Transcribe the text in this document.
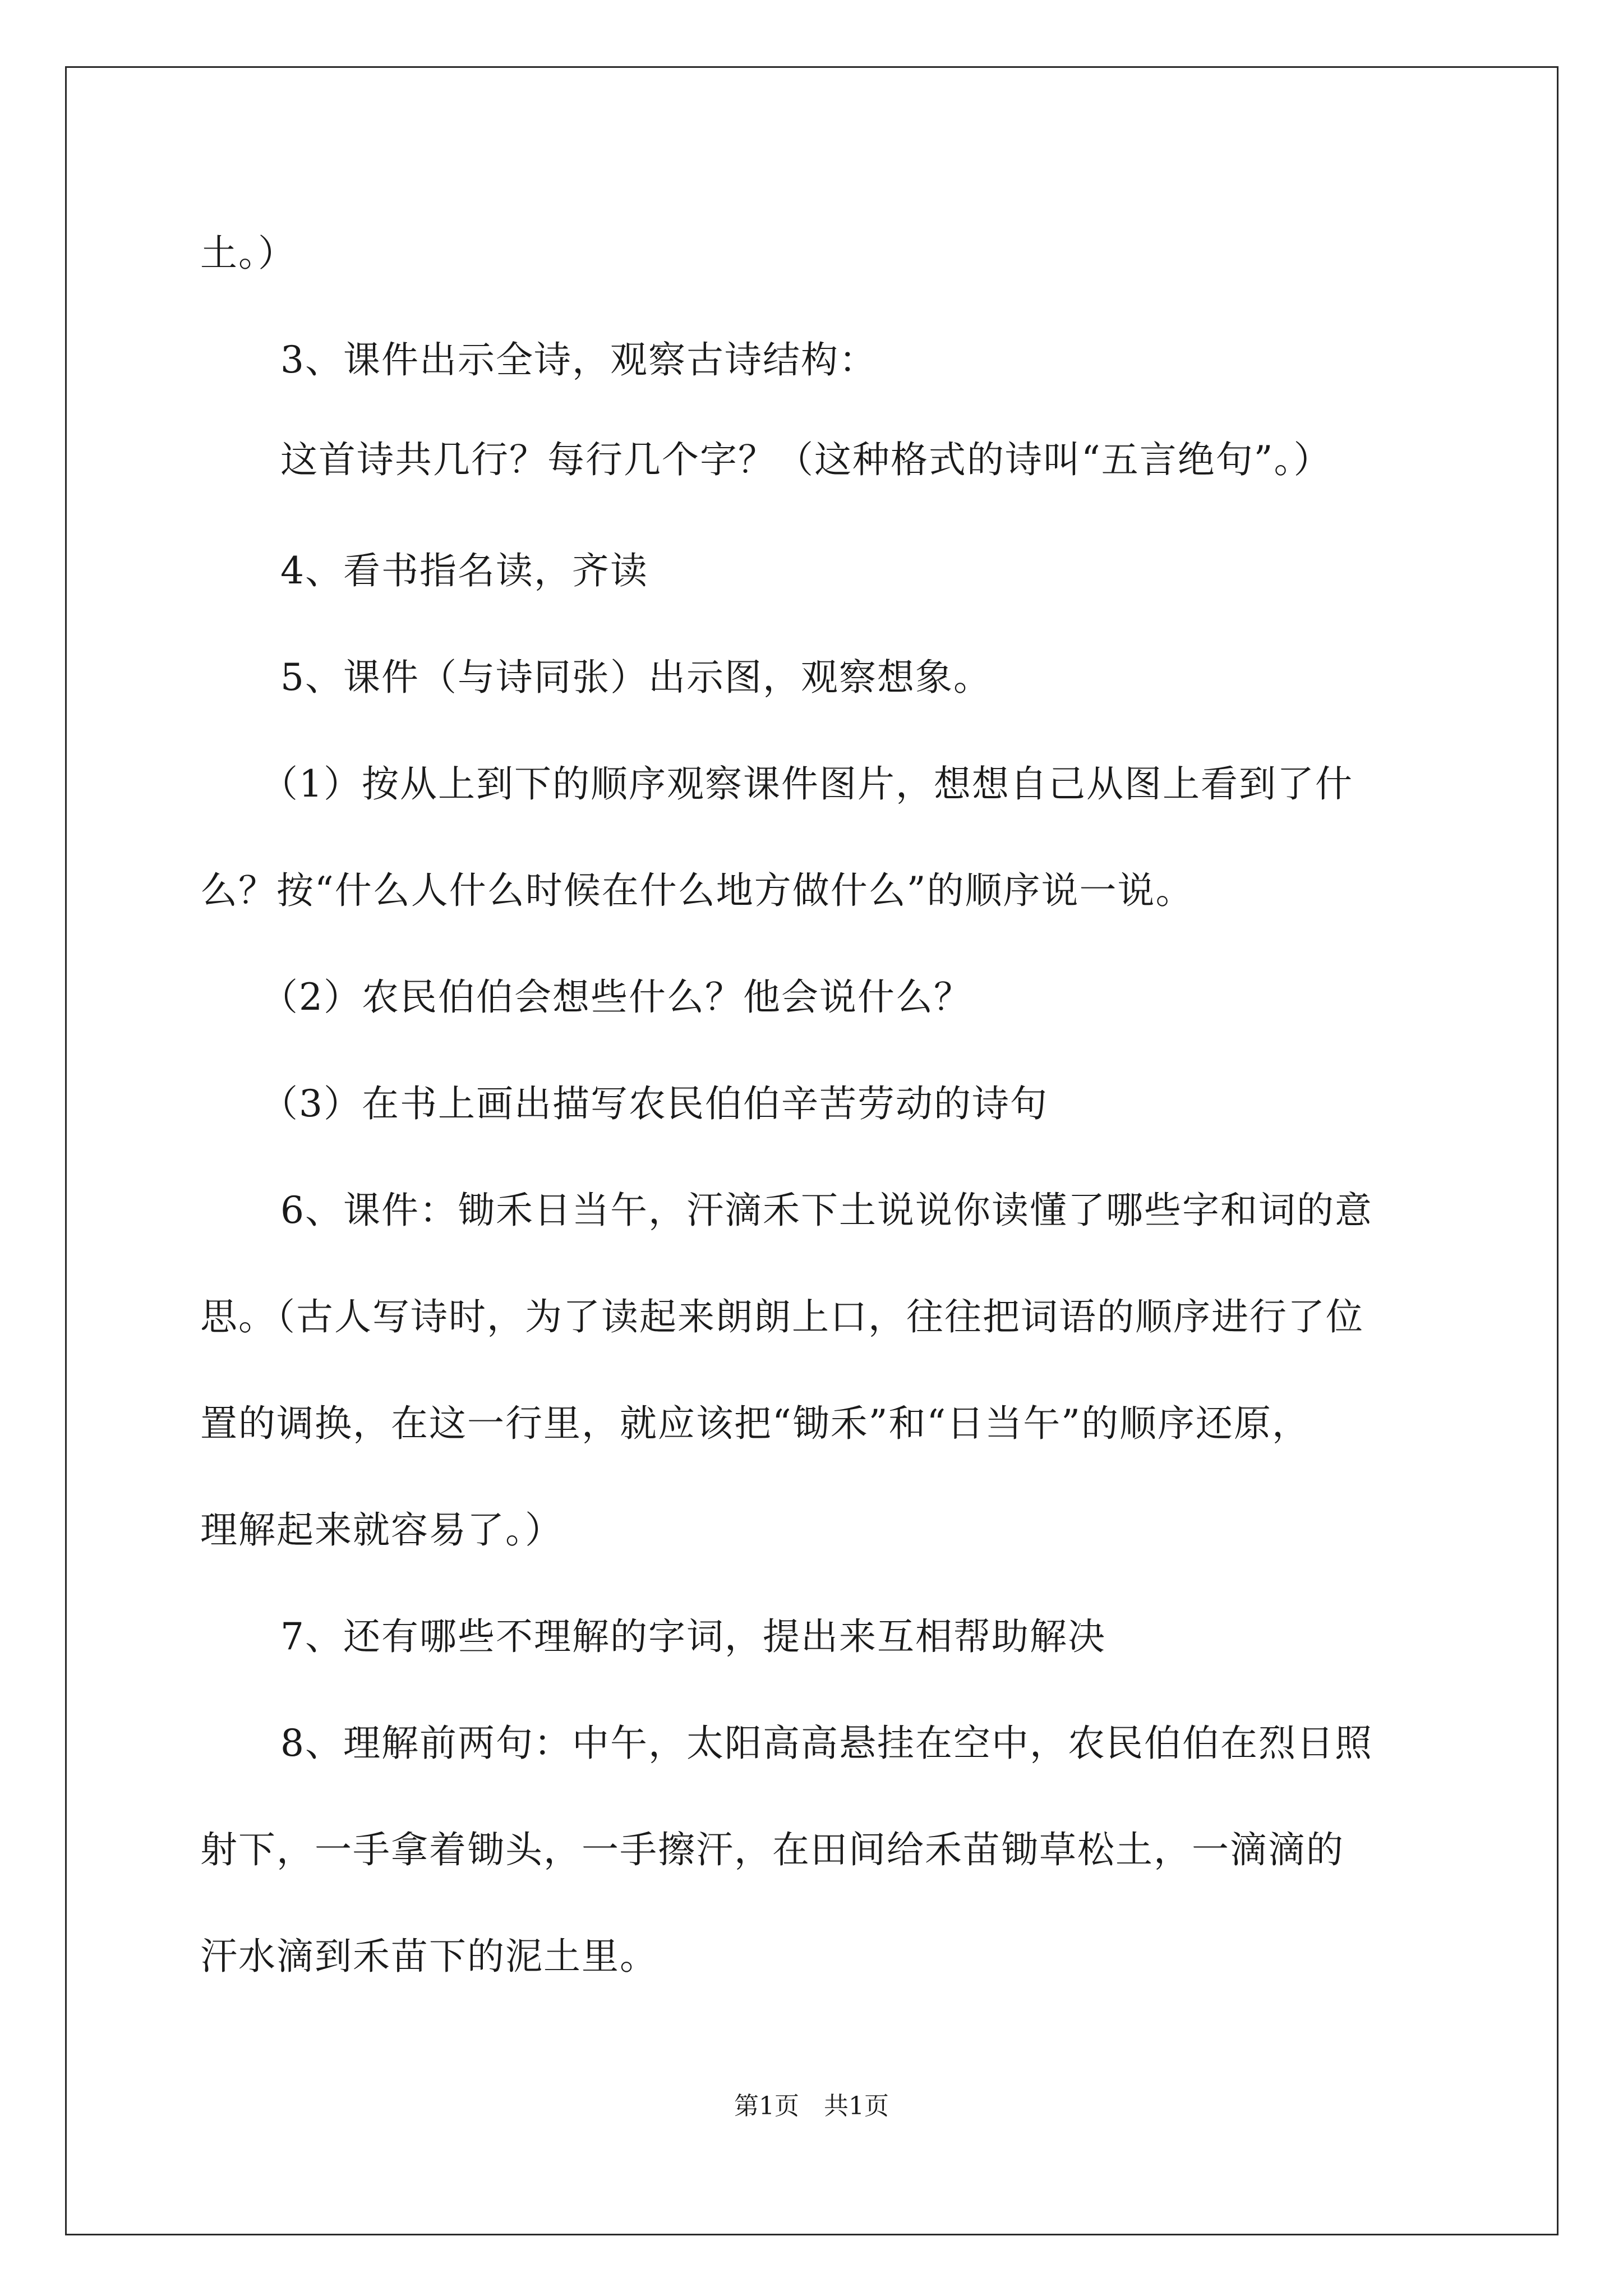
土。）
3、课件出示全诗，观察古诗结构：
这首诗共几行？每行几个字？（这种格式的诗叫“五言绝句”。）
4、看书指名读，齐读
5、课件（与诗同张）出示图，观察想象。
（1）按从上到下的顺序观察课件图片，想想自己从图上看到了什
么？按“什么人什么时候在什么地方做什么”的顺序说一说。
（2）农民伯伯会想些什么？他会说什么？
（3）在书上画出描写农民伯伯辛苦劳动的诗句
6、课件：锄禾日当午，汗滴禾下土说说你读懂了哪些字和词的意
思。（古人写诗时，为了读起来朗朗上口，往往把词语的顺序进行了位
置的调换，在这一行里，就应该把“锄禾”和“日当午”的顺序还原，
理解起来就容易了。）
7、还有哪些不理解的字词，提出来互相帮助解决
8、理解前两句：中午，太阳高高悬挂在空中，农民伯伯在烈日照
射下，一手拿着锄头，一手擦汗，在田间给禾苗锄草松土，一滴滴的
汗水滴到禾苗下的泥土里。
第1页　共1页
